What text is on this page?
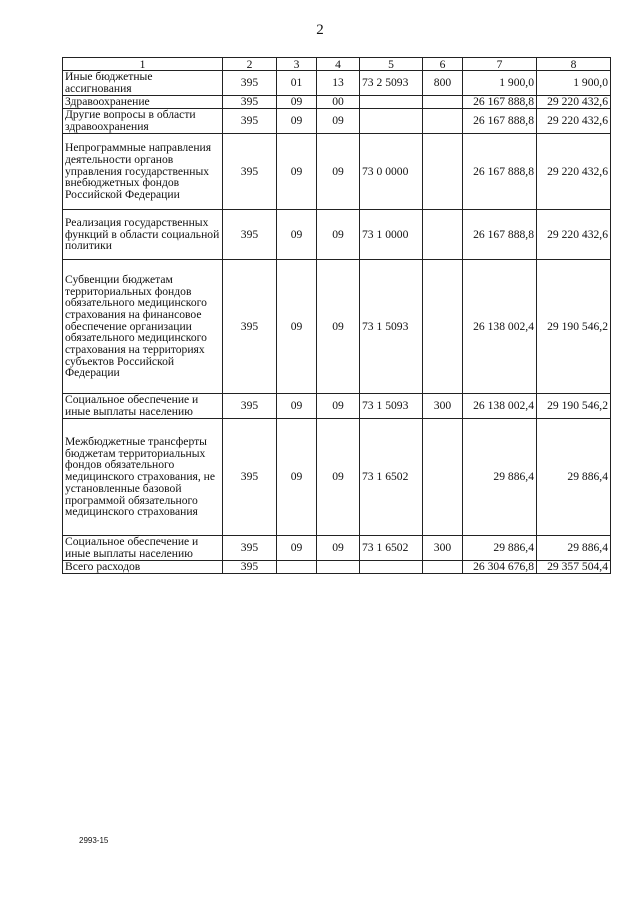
2
1	2	3	4	5	6	7	8
Иные бюджетные ассигнования	395	01	13	73 2 5093	800	1 900,0	1 900,0
Здравоохранение	395	09	00			26 167 888,8	29 220 432,6
Другие вопросы в области здравоохранения	395	09	09			26 167 888,8	29 220 432,6
Непрограммные направления деятельности органов управления государственных внебюджетных фондов Российской Федерации	395	09	09	73 0 0000		26 167 888,8	29 220 432,6
Реализация государственных функций в области социальной политики	395	09	09	73 1 0000		26 167 888,8	29 220 432,6
Субвенции бюджетам территориальных фондов обязательного медицинского страхования на финансовое обеспечение организации обязательного медицинского страхования на территориях субъектов Российской Федерации	395	09	09	73 1 5093		26 138 002,4	29 190 546,2
Социальное обеспечение и иные выплаты населению	395	09	09	73 1 5093	300	26 138 002,4	29 190 546,2
Межбюджетные трансферты бюджетам территориальных фондов обязательного медицинского страхования, не установленные базовой программой обязательного медицинского страхования	395	09	09	73 1 6502		29 886,4	29 886,4
Социальное обеспечение и иные выплаты населению	395	09	09	73 1 6502	300	29 886,4	29 886,4
Всего расходов	395					26 304 676,8	29 357 504,4
2993-15
